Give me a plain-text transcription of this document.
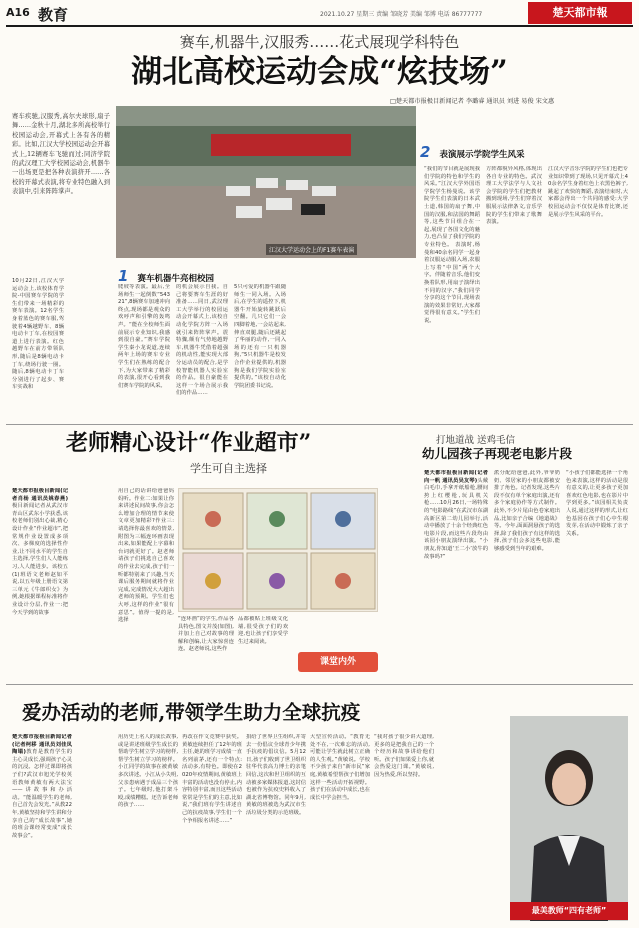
A16 教育	2021.10.27 星期三 责编 邹晓芳 美编 邹博 电话 86777777	楚天都市報
赛车,机器牛,汉服秀……花式展现学科特色
湖北高校运动会成“炫技场”
□楚天都市报极目新闻记者 李璐睿 通讯员 刘进 易俊 宋文惠
赛车疾驰,汉服秀,高尔夫球形,扇子舞……金秋十月,湖北多所高校举行校园运动会,开幕式上各有各的精彩。比如,江汉大学校园运动会开幕式上,12辆赛车飞驰而过;同济学院的武汉理工大学校园运动会,机器牛一出场更是把各种表演挤开……各校的开幕式表演,将专业特色融入到表演中,引来阵阵掌声。
江汉大学运动会上的F1赛车表演
1 赛车机器牛亮相校园
10月22日,江汉大学运动会上,该校体育学院-中国赛车学院的学生们带来一场精彩的赛车表演。12名学生身着蓝色的赛车服,驾驶着4辆越野车、8辆电动卡丁车,在校园赛道上进行表演。红色越野车在前方带领队形,随后是8辆电动卡丁车,绕场行驶一圈。随后,8辆电动卡丁车分别进行了起步、赛车实战和
爬坡等表演。最后,全场师生一起倒数“54321”,8辆赛车加速冲向终点,现场都是观众的欢呼声和引擎的轰鸣声。“能在全校师生面前展示专业知识,我感到很自豪。”赛车学院学生秦小龙说道,连续两年上场的赛车专业学生们在熟练的配合下,为大家带来了精彩的表演,很开心看到我们赛车学院的风采。
的机会展示自我。自己将要赛车生涯的好准备……同日,武汉理工大学举行的校园运动会开幕式上,该校自动化学院方阵一入场就引来阵阵掌声。震特骤,颇有气势地越野车,机器牛凭借着超强的机动性,能实现大部分运动员的配合,是学校智能机器人实验室的作品。很自豪能在这样一个场合展示我们的作品……
5只可爱的机器牛跟随师生一同入场。入场后,在学生的遥控下,机器牛开始旋转跳跃后空翻。几只它们一会四脚着地,一会站起来,伸直双腿,随后还跳起了华丽的动作,一同入场的还有一只机器狗,“5只机器牛是校发合作企业提供的,机器狗是我们学院实验室提供的。”该校自动化学院团委书记说。
2 表演展示学院学生风采
“我们的节目就是展现我们学院的特色和学生的风采。”江汉大学外国语学院学生杨曼说。该学院学生们表演的日本武士道,韩国的扇子舞,中国的汉服,和法国的舞蹈等,这些节目组合在一起,展现了各国文化的魅力,也凸显了我们学院的专业特色。 表演时,杨曼和40余名同学一起身着汉服运动服入场,农服上写着“中国”两个大字。伴随着音乐,他们变换着队形,用扇子演绎出不同的汉字,“我们同学分享的这个节目,现场表演的效果非常好,大家都觉得很有意义。”学生们说。
方阵都貌异风格,体现出各自专业的特色。武汉理工大学法学与人文社会学院的学生们把教材搬到现场,学生们穿着汉服展示法律条文,音乐学院的学生们带来了歌舞表演。
江汉大学音乐学院的学生们也把专业知识带到了现场,只见开幕式上40余名学生身着红色上衣黑色裤子,跳起了欢快的舞蹈,表演结束时,大家都会得出一个共同的感受:大学校园运动会不仅仅是体育比赛,还是展示学生风采的平台。
老师精心设计“作业超市”
学生可自主选择
楚天都市报极目新闻(记者肖杨 通讯员姚春燕)极目新闻记者从武汉市青山区武东小学获悉,该校老师们别出心裁,精心设计作业“作业超市”,把常规作业设置成多项次、多梯度的选择性作业,让不同水平的学生自主选择,学生们人人能练习,人人能进步。该校五(1)班语文老师赵如平说,以五年级上册语文第三单元《牛郎织女》为例,她根据课程标准将作业设计分层,作业一:把今天学到的故事
用自己的话讲给爸爸妈妈听。作业二:如果让你来讲述民间故事,你会怎么增加合理的情节来使文章更加精彩?作业三:请选择你最喜欢的情景,附图为三幅连环画表现出来,如果能配上字幕和台词就更好了。赵老师请孩子们挑选自己喜欢的作业去完成,孩子们一听都特别来了兴趣,当天课后服务期间就将作业完成,完成情况大大超出老师的预期。学生们也大呼,这样的作业“很有意思”。值得一提的是,选择	“连环画”的学生,作品各具特色,图文并茂(如图),并加上自己对故事的理解和创编,让大家惊喜连连。赵老师说,这些作
品都被贴上班级文化墙,很受孩子们的欢迎,也让孩子们享受学生过来阅读。
课堂内外
打地道战 送鸡毛信
幼儿园孩子再现老电影片段
楚天都市报极目新闻(记者向一帆 通讯员吴友琴)头戴白毛巾,手拿开纸船枪,腰间挎上红缨枪,玩具机关枪……10月26日,一场特殊的“电影路线”在武汉市东湖高新区第二幼儿园举行,活动中播放了十余个经典红色电影片段,而这些片段均由该园小朋友演绎出演。“小朋友,你知道‘王二小’放牛的故事吗?”
派分配给爸爸,此外,爷爷奶奶、邻居家的小朋友都被安排了角色。记者发现,这些片段不仅有单个家庭出演,还有多个家庭协作等方式制作。此外,不少片尾由色卷家庭出品,比如亲子合编《地道战》等。今年,面面洞悬孩子的选择,除了我们孩子有这样的选择,孩子们会多这些电影,能够感受到当年的艰难。
“小孩子们都能选择一个角色来表演,这样的活动是很有意义的,让更多孩子更加喜欢红色电影,也在影片中学到更多。”该园相关负责人说,通过这样的形式,让红色基因在孩子们心中生根发芽,在活动中锻炼了亲子关系。
爱办活动的老师,带领学生助力全球抗疫
楚天都市报极目新闻记者(记者柯移 通讯员刘佳凤 陶塌)教育是教育学生的主心灵成长,强调孩子心灵的沉浸。怎样过课即将孩子们?武汉市旭光学校英语教师黄敏有两大法宝——讲故事和办活动。“能温暖学生的老师,自己首先会发光。”从教22年,黄敏坚持和学生讲和分享自己的“成长故事”,她的班会课经常变成“成长故事会”。
用历史上名人的成长故事,或是讲述班级学生成长的帮助学生树立学习的榜样,帮学生树立学习的榜样。小江同学的故事在被黄敏多次讲述。小江从小失明,父亲患病遇于成品三个孩子。七年级时,他打架斗殴,成绩糟糕。还告诉老师的孩子……
再改在作文竞赛中获奖。黄敏连续担任了12年的班主任,她的班学习成绩一直名列前茅,还有一个特点:活动多,有特色。即使在2020年疫情期间,黄敏班上丰富的活动也没有停止,内容特别丰富,而且这些活动常常是学生们的主意,比如说,“我们班有学生讲述自己的抗疫故事,学生们一个个争相报名讲述……”
捐给了世界卫生组织,并寄去一份倡议全球青少年携手抗疫的倡议信。5月12日,孩子们收到了世卫组织驻华代表高力博士的亲笔回信,这次和世卫组织的互动被多家媒体报道,这封信也被作为抗疫史料收入了湖北省博物馆。同年9月,黄敏的班被选为武汉市生活垃圾分类的示范班级。
大型宣传活动。“教育无处不在,一次难忘的活动,可能让学生就此树立正确的人生观。”黄敏说。学校不少孩子来自“新市民”家庭,黄敏希望帮孩子们增加这样一些活动开拓视野。孩子们在活动中成长,也在成长中学会担当。
“我对孩子很少讲大道理,更多的是把我自己的一个个经历和故事讲给他们听。孩子们如果爱上你,就会热爱这门课。”黄敏说,因为热爱,所以坚持。
最美教师“四有老师”
